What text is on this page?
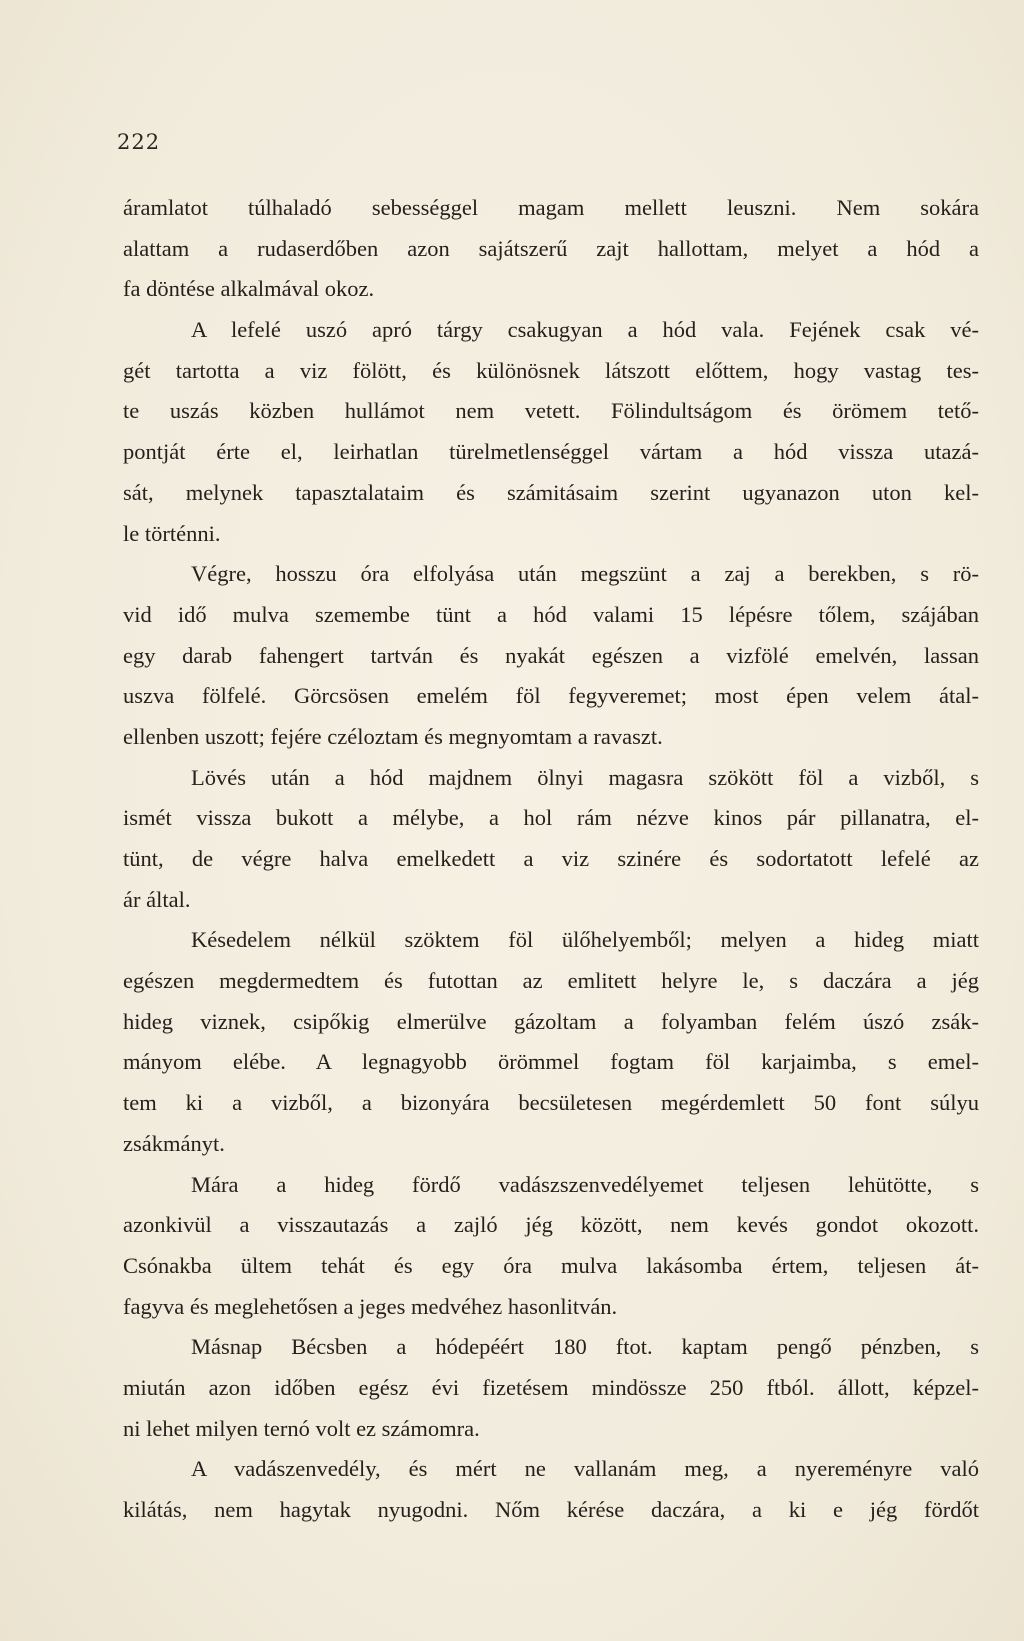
222
áramlatot túlhaladó sebességgel magam mellett leuszni. Nem sokára
alattam a rudaserdőben azon sajátszerű zajt hallottam, melyet a hód a
fa döntése alkalmával okoz.
A lefelé uszó apró tárgy csakugyan a hód vala. Fejének csak vé-
gét tartotta a viz fölött, és különösnek látszott előttem, hogy vastag tes-
te uszás közben hullámot nem vetett. Fölindultságom és örömem tető-
pontját érte el, leirhatlan türelmetlenséggel vártam a hód vissza utazá-
sát, melynek tapasztalataim és számitásaim szerint ugyanazon uton kel-
le történni.
Végre, hosszu óra elfolyása után megszünt a zaj a berekben, s rö-
vid idő mulva szemembe tünt a hód valami 15 lépésre tőlem, szájában
egy darab fahengert tartván és nyakát egészen a vizfölé emelvén, lassan
uszva fölfelé. Görcsösen emelém föl fegyveremet; most épen velem átal-
ellenben uszott; fejére czéloztam és megnyomtam a ravaszt.
Lövés után a hód majdnem ölnyi magasra szökött föl a vizből, s
ismét vissza bukott a mélybe, a hol rám nézve kinos pár pillanatra, el-
tünt, de végre halva emelkedett a viz szinére és sodortatott lefelé az
ár által.
Késedelem nélkül szöktem föl ülőhelyemből; melyen a hideg miatt
egészen megdermedtem és futottan az emlitett helyre le, s daczára a jég
hideg viznek, csipőkig elmerülve gázoltam a folyamban felém úszó zsák-
mányom elébe. A legnagyobb örömmel fogtam föl karjaimba, s emel-
tem ki a vizből, a bizonyára becsületesen megérdemlett 50 font súlyu
zsákmányt.
Mára a hideg fördő vadászszenvedélyemet teljesen lehütötte, s
azonkivül a visszautazás a zajló jég között, nem kevés gondot okozott.
Csónakba ültem tehát és egy óra mulva lakásomba értem, teljesen át-
fagyva és meglehetősen a jeges medvéhez hasonlitván.
Másnap Bécsben a hódepéért 180 ftot. kaptam pengő pénzben, s
miután azon időben egész évi fizetésem mindössze 250 ftból. állott, képzel-
ni lehet milyen ternó volt ez számomra.
A vadászenvedély, és mért ne vallanám meg, a nyereményre való
kilátás, nem hagytak nyugodni. Nőm kérése daczára, a ki e jég fördőt
